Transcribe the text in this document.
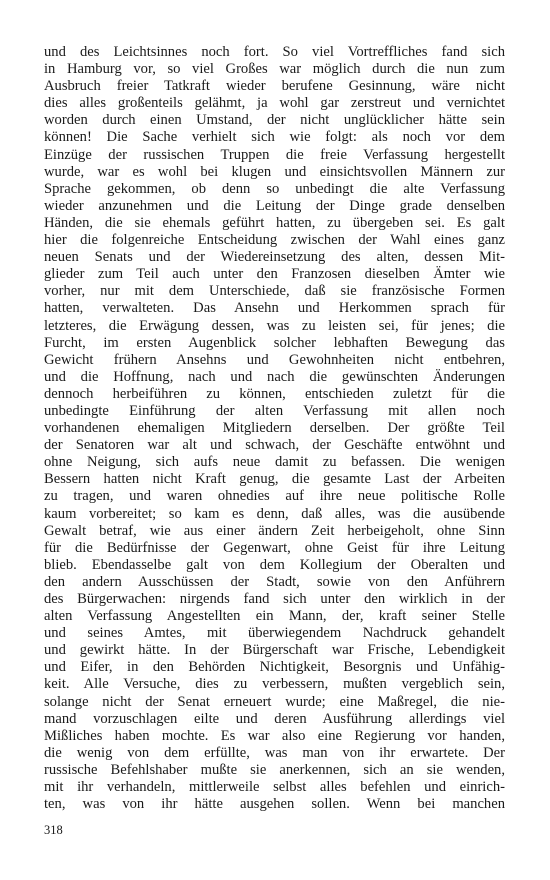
und des Leichtsinnes noch fort. So viel Vortreffliches fand sich
in Hamburg vor, so viel Großes war möglich durch die nun zum
Ausbruch freier Tatkraft wieder berufene Gesinnung, wäre nicht
dies alles großenteils gelähmt, ja wohl gar zerstreut und vernichtet
worden durch einen Umstand, der nicht unglücklicher hätte sein
können! Die Sache verhielt sich wie folgt: als noch vor dem
Einzüge der russischen Truppen die freie Verfassung hergestellt
wurde, war es wohl bei klugen und einsichtsvollen Männern zur
Sprache gekommen, ob denn so unbedingt die alte Verfassung
wieder anzunehmen und die Leitung der Dinge grade denselben
Händen, die sie ehemals geführt hatten, zu übergeben sei. Es galt
hier die folgenreiche Entscheidung zwischen der Wahl eines ganz
neuen Senats und der Wiedereinsetzung des alten, dessen Mit-
glieder zum Teil auch unter den Franzosen dieselben Ämter wie
vorher, nur mit dem Unterschiede, daß sie französische Formen
hatten, verwalteten. Das Ansehn und Herkommen sprach für
letzteres, die Erwägung dessen, was zu leisten sei, für jenes; die
Furcht, im ersten Augenblick solcher lebhaften Bewegung das
Gewicht frühern Ansehns und Gewohnheiten nicht entbehren,
und die Hoffnung, nach und nach die gewünschten Änderungen
dennoch herbeiführen zu können, entschieden zuletzt für die
unbedingte Einführung der alten Verfassung mit allen noch
vorhandenen ehemaligen Mitgliedern derselben. Der größte Teil
der Senatoren war alt und schwach, der Geschäfte entwöhnt und
ohne Neigung, sich aufs neue damit zu befassen. Die wenigen
Bessern hatten nicht Kraft genug, die gesamte Last der Arbeiten
zu tragen, und waren ohnedies auf ihre neue politische Rolle
kaum vorbereitet; so kam es denn, daß alles, was die ausübende
Gewalt betraf, wie aus einer ändern Zeit herbeigeholt, ohne Sinn
für die Bedürfnisse der Gegenwart, ohne Geist für ihre Leitung
blieb. Ebendasselbe galt von dem Kollegium der Oberalten und
den andern Ausschüssen der Stadt, sowie von den Anführern
des Bürgerwachen: nirgends fand sich unter den wirklich in der
alten Verfassung Angestellten ein Mann, der, kraft seiner Stelle
und seines Amtes, mit überwiegendem Nachdruck gehandelt
und gewirkt hätte. In der Bürgerschaft war Frische, Lebendigkeit
und Eifer, in den Behörden Nichtigkeit, Besorgnis und Unfähig-
keit. Alle Versuche, dies zu verbessern, mußten vergeblich sein,
solange nicht der Senat erneuert wurde; eine Maßregel, die nie-
mand vorzuschlagen eilte und deren Ausführung allerdings viel
Mißliches haben mochte. Es war also eine Regierung vor handen,
die wenig von dem erfüllte, was man von ihr erwartete. Der
russische Befehlshaber mußte sie anerkennen, sich an sie wenden,
mit ihr verhandeln, mittlerweile selbst alles befehlen und einrich-
ten, was von ihr hätte ausgehen sollen. Wenn bei manchen
318
